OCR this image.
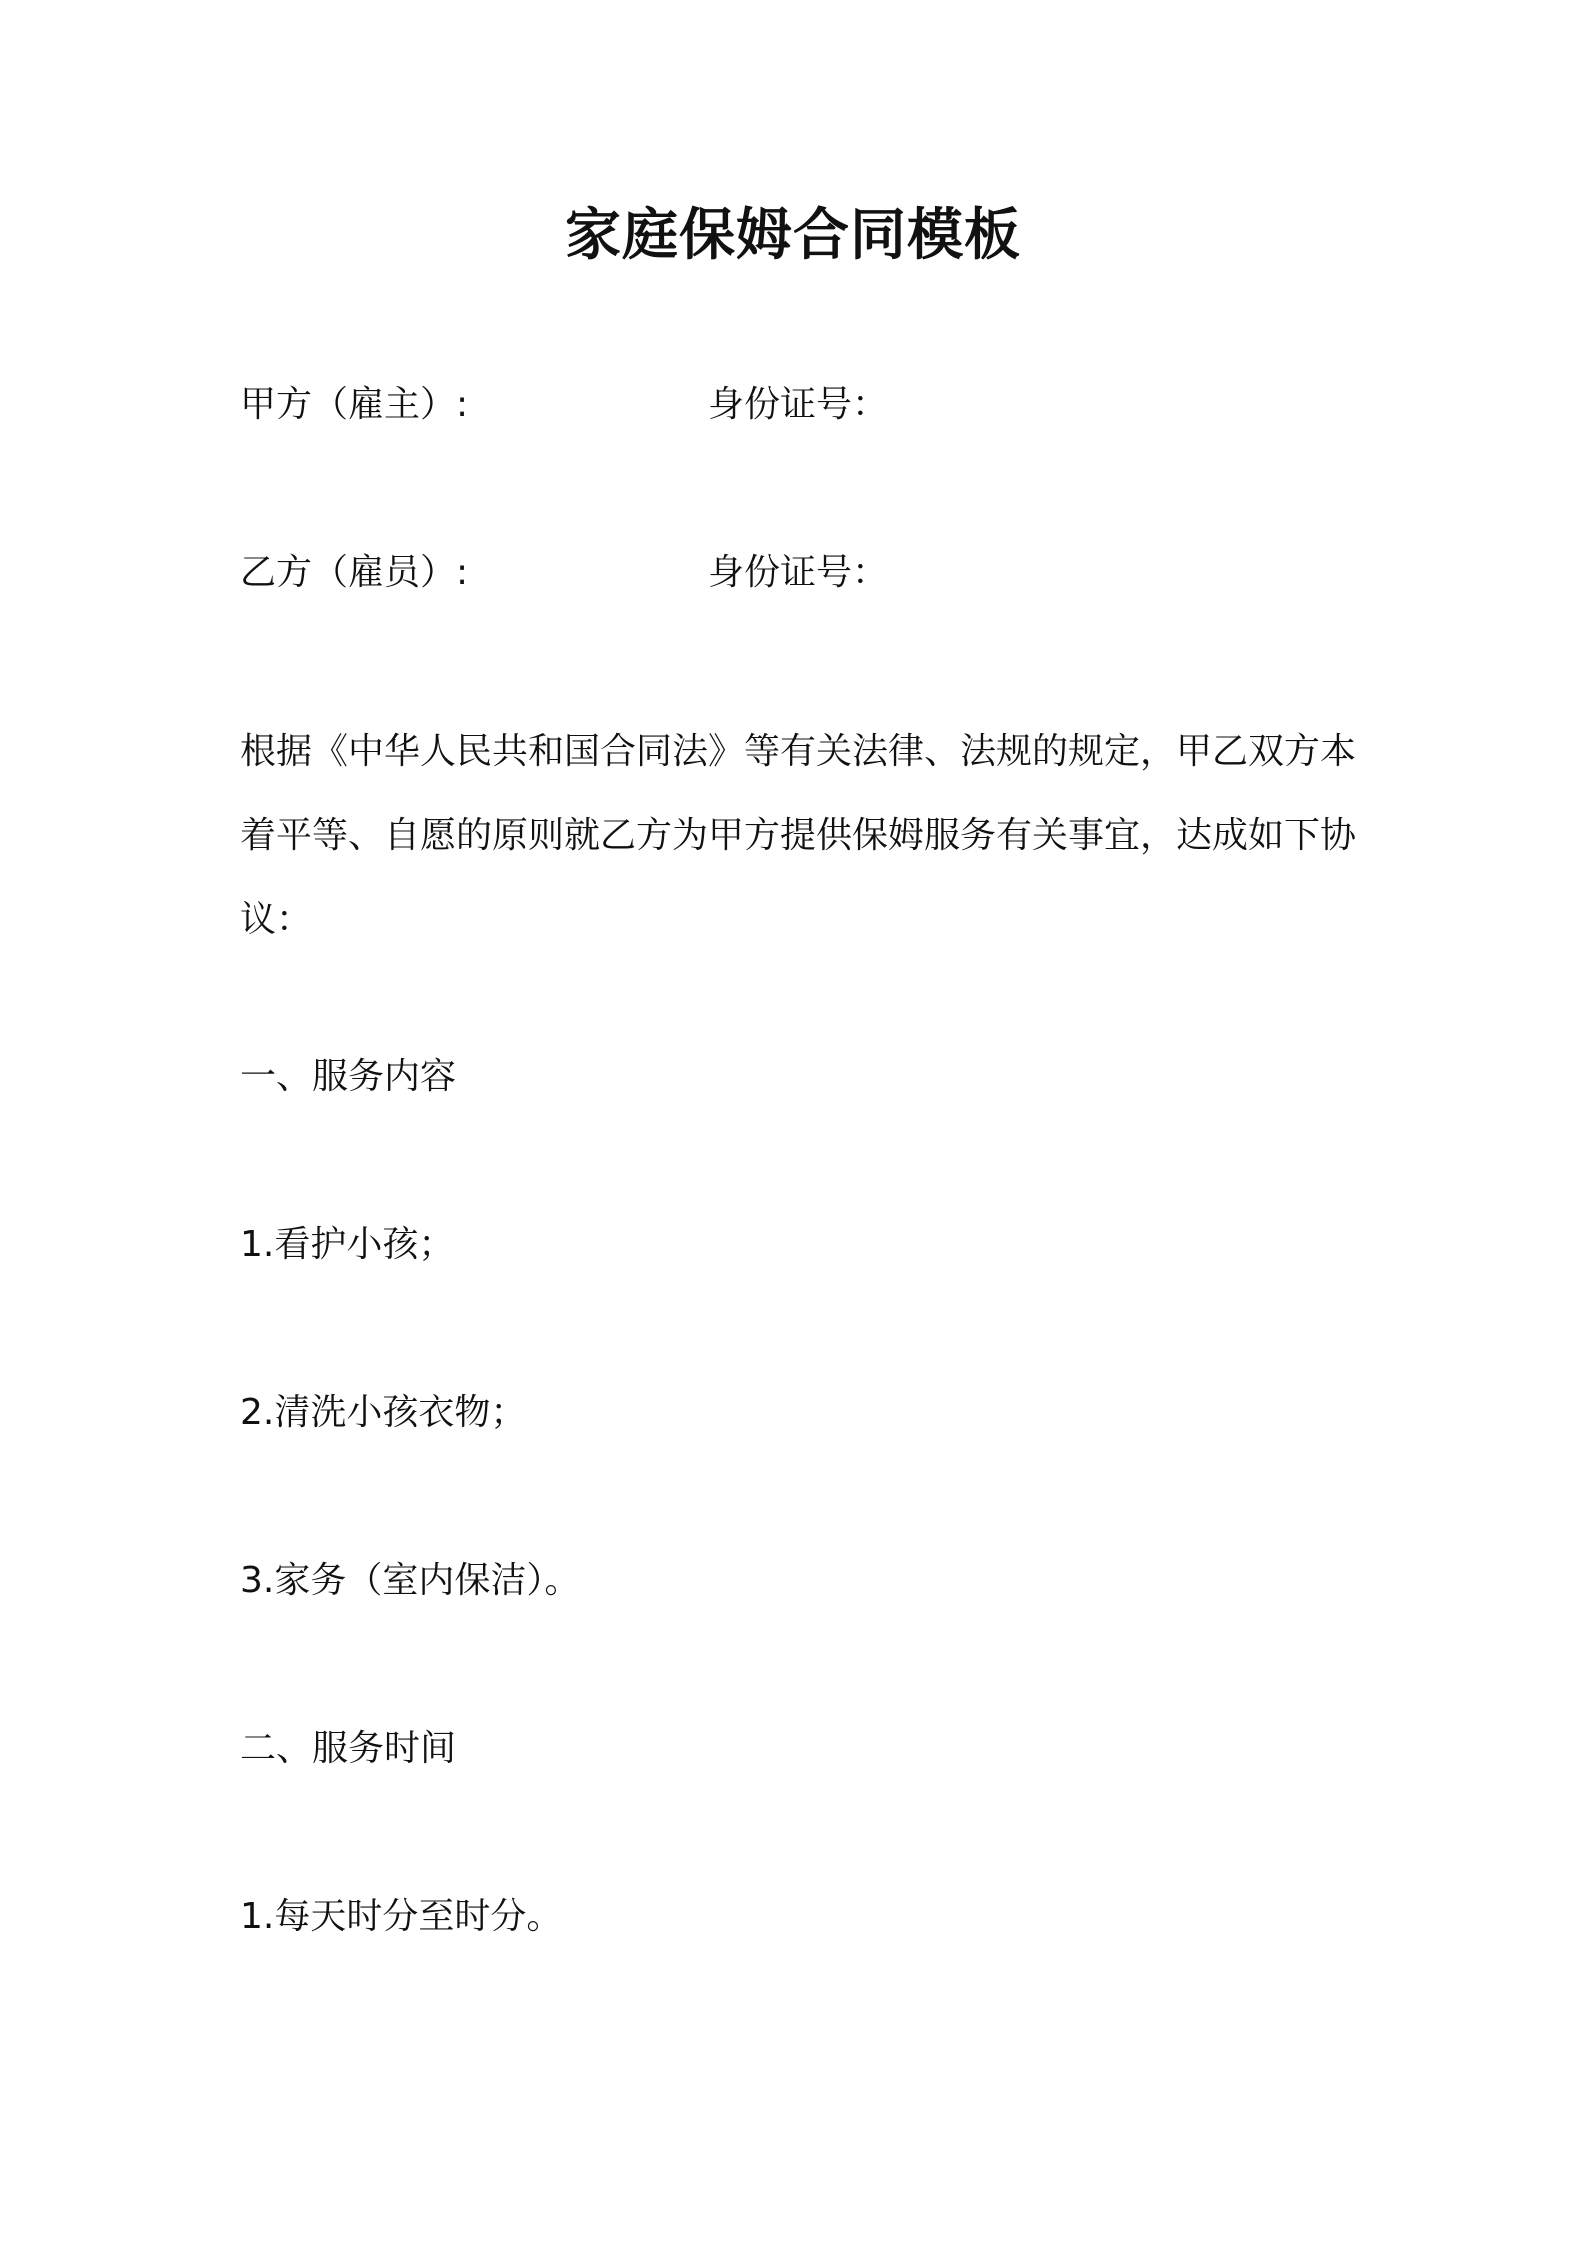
家庭保姆合同模板
甲方（雇主）:	身份证号：
乙方（雇员）:	身份证号：

根据《中华人民共和国合同法》等有关法律、法规的规定，甲乙双方本着平等、自愿的原则就乙方为甲方提供保姆服务有关事宜，达成如下协议：

一、服务内容

1.看护小孩；

2.清洗小孩衣物；

3.家务（室内保洁）。

二、服务时间

1.每天时分至时分。
